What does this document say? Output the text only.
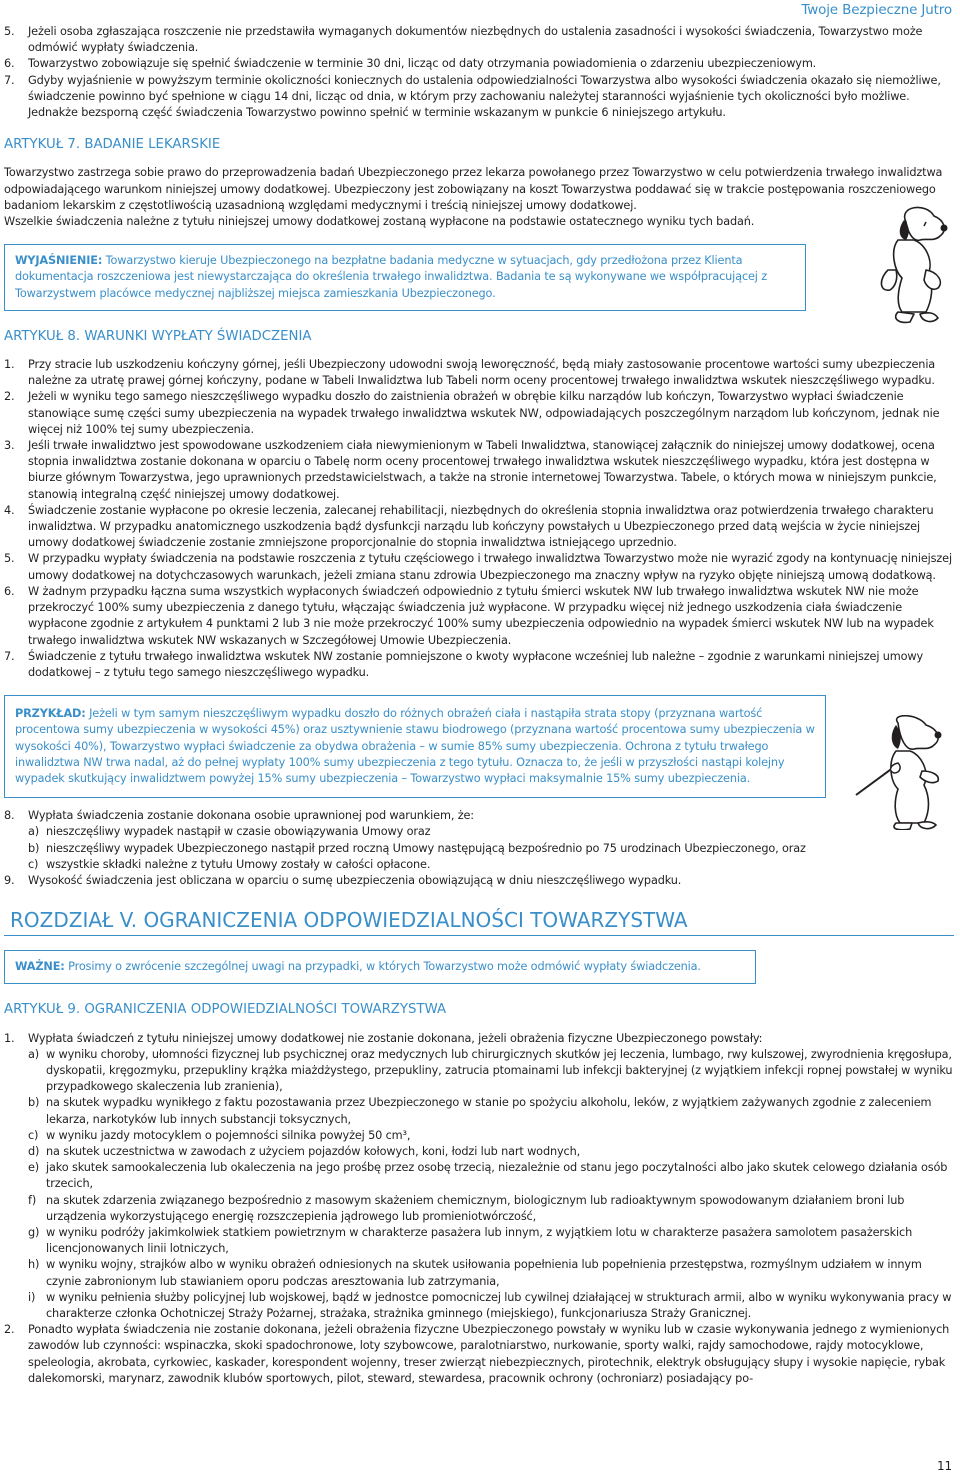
Twoje Bezpieczne Jutro
5.	Jeżeli osoba zgłaszająca roszczenie nie przedstawiła wymaganych dokumentów niezbędnych do ustalenia zasadności i wysokości świadczenia, Towarzystwo może odmówić wypłaty świadczenia.
6.	Towarzystwo zobowiązuje się spełnić świadczenie w terminie 30 dni, licząc od daty otrzymania powiadomienia o zdarzeniu ubezpieczeniowym.
7.	Gdyby wyjaśnienie w powyższym terminie okoliczności koniecznych do ustalenia odpowiedzialności Towarzystwa albo wysokości świadczenia okazało się niemożliwe, świadczenie powinno być spełnione w ciągu 14 dni, licząc od dnia, w którym przy zachowaniu należytej staranności wyjaśnienie tych okoliczności było możliwe. Jednakże bezsporną część świadczenia Towarzystwo powinno spełnić w terminie wskazanym w punkcie 6 niniejszego artykułu.
ARTYKUŁ 7. BADANIE LEKARSKIE

Towarzystwo zastrzega sobie prawo do przeprowadzenia badań Ubezpieczonego przez lekarza powołanego przez Towarzystwo w celu potwierdzenia trwałego inwalidztwa odpowiadającego warunkom niniejszej umowy dodatkowej. Ubezpieczony jest zobowiązany na koszt Towarzystwa poddawać się w trakcie postępowania roszczeniowego badaniom lekarskim z częstotliwością uzasadnioną względami medycznymi i treścią niniejszej umowy dodatkowej.

Wszelkie świadczenia należne z tytułu niniejszej umowy dodatkowej zostaną wypłacone na podstawie ostatecznego wyniku tych badań.

WYJAŚNIENIE: Towarzystwo kieruje Ubezpieczonego na bezpłatne badania medyczne w sytuacjach, gdy przedłożona przez Klienta dokumentacja roszczeniowa jest niewystarczająca do określenia trwałego inwalidztwa. Badania te są wykonywane we współpracującej z Towarzystwem placówce medycznej najbliższej miejsca zamieszkania Ubezpieczonego.
ARTYKUŁ 8. WARUNKI WYPŁATY ŚWIADCZENIA
1.	Przy stracie lub uszkodzeniu kończyny górnej, jeśli Ubezpieczony udowodni swoją leworęczność, będą miały zastosowanie procentowe wartości sumy ubezpieczenia należne za utratę prawej górnej kończyny, podane w Tabeli Inwalidztwa lub Tabeli norm oceny procentowej trwałego inwalidztwa wskutek nieszczęśliwego wypadku.
2.	Jeżeli w wyniku tego samego nieszczęśliwego wypadku doszło do zaistnienia obrażeń w obrębie kilku narządów lub kończyn, Towarzystwo wypłaci świadczenie stanowiące sumę części sumy ubezpieczenia na wypadek trwałego inwalidztwa wskutek NW, odpowiadających poszczególnym narządom lub kończynom, jednak nie więcej niż 100% tej sumy ubezpieczenia.
3.	Jeśli trwałe inwalidztwo jest spowodowane uszkodzeniem ciała niewymienionym w Tabeli Inwalidztwa, stanowiącej załącznik do niniejszej umowy dodatkowej, ocena stopnia inwalidztwa zostanie dokonana w oparciu o Tabelę norm oceny procentowej trwałego inwalidztwa wskutek nieszczęśliwego wypadku, która jest dostępna w biurze głównym Towarzystwa, jego uprawnionych przedstawicielstwach, a także na stronie internetowej Towarzystwa. Tabele, o których mowa w niniejszym punkcie, stanowią integralną część niniejszej umowy dodatkowej.
4.	Świadczenie zostanie wypłacone po okresie leczenia, zalecanej rehabilitacji, niezbędnych do określenia stopnia inwalidztwa oraz potwierdzenia trwałego charakteru inwalidztwa. W przypadku anatomicznego uszkodzenia bądź dysfunkcji narządu lub kończyny powstałych u Ubezpieczonego przed datą wejścia w życie niniejszej umowy dodatkowej świadczenie zostanie zmniejszone proporcjonalnie do stopnia inwalidztwa istniejącego uprzednio.
5.	W przypadku wypłaty świadczenia na podstawie roszczenia z tytułu częściowego i trwałego inwalidztwa Towarzystwo może nie wyrazić zgody na kontynuację niniejszej umowy dodatkowej na dotychczasowych warunkach, jeżeli zmiana stanu zdrowia Ubezpieczonego ma znaczny wpływ na ryzyko objęte niniejszą umową dodatkową.
6.	W żadnym przypadku łączna suma wszystkich wypłaconych świadczeń odpowiednio z tytułu śmierci wskutek NW lub trwałego inwalidztwa wskutek NW nie może przekroczyć 100% sumy ubezpieczenia z danego tytułu, włączając świadczenia już wypłacone. W przypadku więcej niż jednego uszkodzenia ciała świadczenie wypłacone zgodnie z artykułem 4 punktami 2 lub 3 nie może przekroczyć 100% sumy ubezpieczenia odpowiednio na wypadek śmierci wskutek NW lub na wypadek trwałego inwalidztwa wskutek NW wskazanych w Szczegółowej Umowie Ubezpieczenia.
7.	Świadczenie z tytułu trwałego inwalidztwa wskutek NW zostanie pomniejszone o kwoty wypłacone wcześniej lub należne – zgodnie z warunkami niniejszej umowy dodatkowej – z tytułu tego samego nieszczęśliwego wypadku.
PRZYKŁAD: Jeżeli w tym samym nieszczęśliwym wypadku doszło do różnych obrażeń ciała i nastąpiła strata stopy (przyznana wartość procentowa sumy ubezpieczenia w wysokości 45%) oraz usztywnienie stawu biodrowego (przyznana wartość procentowa sumy ubezpieczenia w wysokości 40%), Towarzystwo wypłaci świadczenie za obydwa obrażenia – w sumie 85% sumy ubezpieczenia. Ochrona z tytułu trwałego inwalidztwa NW trwa nadal, aż do pełnej wypłaty 100% sumy ubezpieczenia z tego tytułu. Oznacza to, że jeśli w przyszłości nastąpi kolejny wypadek skutkujący inwalidztwem powyżej 15% sumy ubezpieczenia – Towarzystwo wypłaci maksymalnie 15% sumy ubezpieczenia.
8.	Wypłata świadczenia zostanie dokonana osobie uprawnionej pod warunkiem, że:
a) nieszczęśliwy wypadek nastąpił w czasie obowiązywania Umowy oraz
b) nieszczęśliwy wypadek Ubezpieczonego nastąpił przed roczną Umowy następującą bezpośrednio po 75 urodzinach Ubezpieczonego, oraz
c) wszystkie składki należne z tytułu Umowy zostały w całości opłacone.
9.	Wysokość świadczenia jest obliczana w oparciu o sumę ubezpieczenia obowiązującą w dniu nieszczęśliwego wypadku.
ROZDZIAŁ V. OGRANICZENIA ODPOWIEDZIALNOŚCI TOWARZYSTWA
WAŻNE: Prosimy o zwrócenie szczególnej uwagi na przypadki, w których Towarzystwo może odmówić wypłaty świadczenia.
ARTYKUŁ 9. OGRANICZENIA ODPOWIEDZIALNOŚCI TOWARZYSTWA
1.	Wypłata świadczeń z tytułu niniejszej umowy dodatkowej nie zostanie dokonana, jeżeli obrażenia fizyczne Ubezpieczonego powstały:
a) w wyniku choroby, ułomności fizycznej lub psychicznej oraz medycznych lub chirurgicznych skutków jej leczenia, lumbago, rwy kulszowej, zwyrodnienia kręgosłupa, dyskopatii, kręgozmyku, przepukliny krążka miażdżystego, przepukliny, zatrucia ptomainami lub infekcji bakteryjnej (z wyjątkiem infekcji ropnej powstałej w wyniku przypadkowego skaleczenia lub zranienia),
b) na skutek wypadku wynikłego z faktu pozostawania przez Ubezpieczonego w stanie po spożyciu alkoholu, leków, z wyjątkiem zażywanych zgodnie z zaleceniem lekarza, narkotyków lub innych substancji toksycznych,
c) w wyniku jazdy motocyklem o pojemności silnika powyżej 50 cm³,
d) na skutek uczestnictwa w zawodach z użyciem pojazdów kołowych, koni, łodzi lub nart wodnych,
e) jako skutek samookaleczenia lub okaleczenia na jego prośbę przez osobę trzecią, niezależnie od stanu jego poczytalności albo jako skutek celowego działania osób trzecich,
f) na skutek zdarzenia związanego bezpośrednio z masowym skażeniem chemicznym, biologicznym lub radioaktywnym spowodowanym działaniem broni lub urządzenia wykorzystującego energię rozszczepienia jądrowego lub promieniotwórczość,
g) w wyniku podróży jakimkolwiek statkiem powietrznym w charakterze pasażera lub innym, z wyjątkiem lotu w charakterze pasażera samolotem pasażerskich licencjonowanych linii lotniczych,
h) w wyniku wojny, strajków albo w wyniku obrażeń odniesionych na skutek usiłowania popełnienia lub popełnienia przestępstwa, rozmyślnym udziałem w innym czynie zabronionym lub stawianiem oporu podczas aresztowania lub zatrzymania,
i) w wyniku pełnienia służby policyjnej lub wojskowej, bądź w jednostce pomocniczej lub cywilnej działającej w strukturach armii, albo w wyniku wykonywania pracy w charakterze członka Ochotniczej Straży Pożarnej, strażaka, strażnika gminnego (miejskiego), funkcjonariusza Straży Granicznej.
2.	Ponadto wypłata świadczenia nie zostanie dokonana, jeżeli obrażenia fizyczne Ubezpieczonego powstały w wyniku lub w czasie wykonywania jednego z wymienionych zawodów lub czynności: wspinaczka, skoki spadochronowe, loty szybowcowe, paralotniarstwo, nurkowanie, sporty walki, rajdy samochodowe, rajdy motocyklowe, speleologia, akrobata, cyrkowiec, kaskader, korespondent wojenny, treser zwierząt niebezpiecznych, pirotechnik, elektryk obsługujący słupy i wysokie napięcie, rybak dalekomorski, marynarz, zawodnik klubów sportowych, pilot, steward, stewardesa, pracownik ochrony (ochroniarz) posiadający po-
11
